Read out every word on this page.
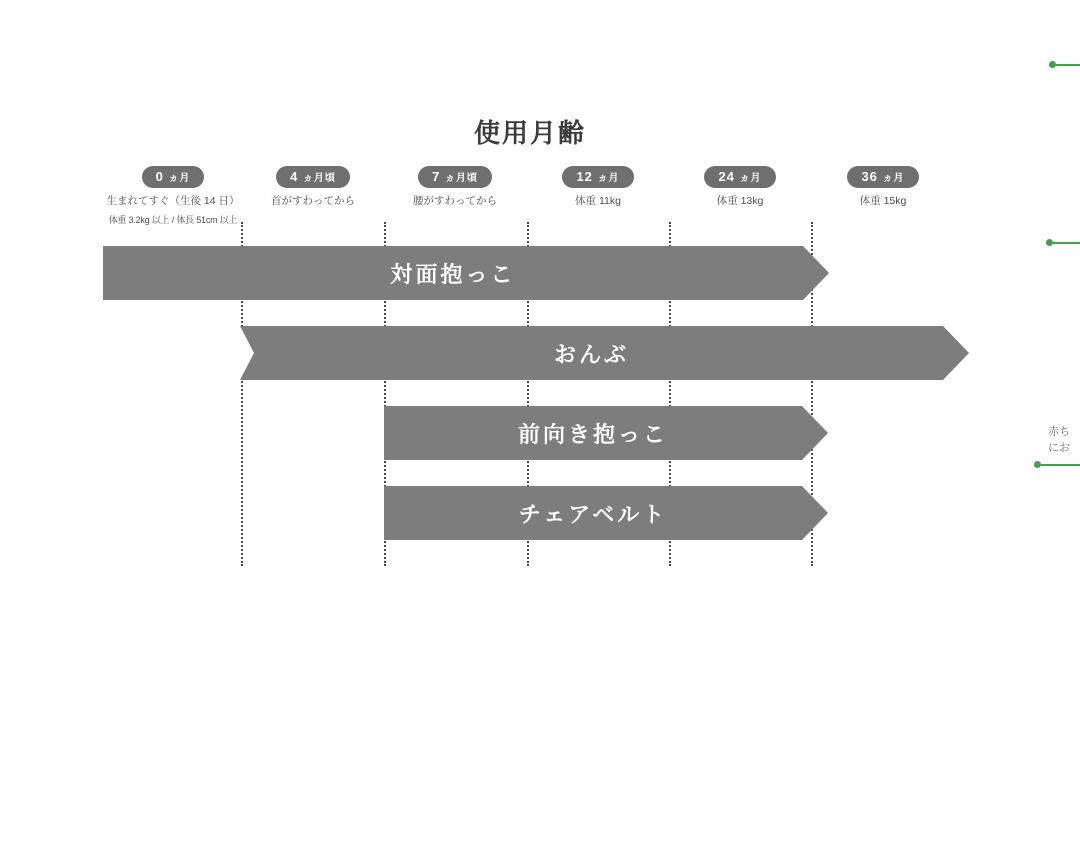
使用月齢
0 ヵ月
生まれてすぐ（生後 14 日）
体重 3.2kg 以上 / 体長 51cm 以上
4 ヵ月頃
首がすわってから
7 ヵ月頃
腰がすわってから
12 ヵ月
体重 11kg
24 ヵ月
体重 13kg
36 ヵ月
体重 15kg
対面抱っこ
おんぶ
前向き抱っこ
チェアベルト
赤ち
にお
